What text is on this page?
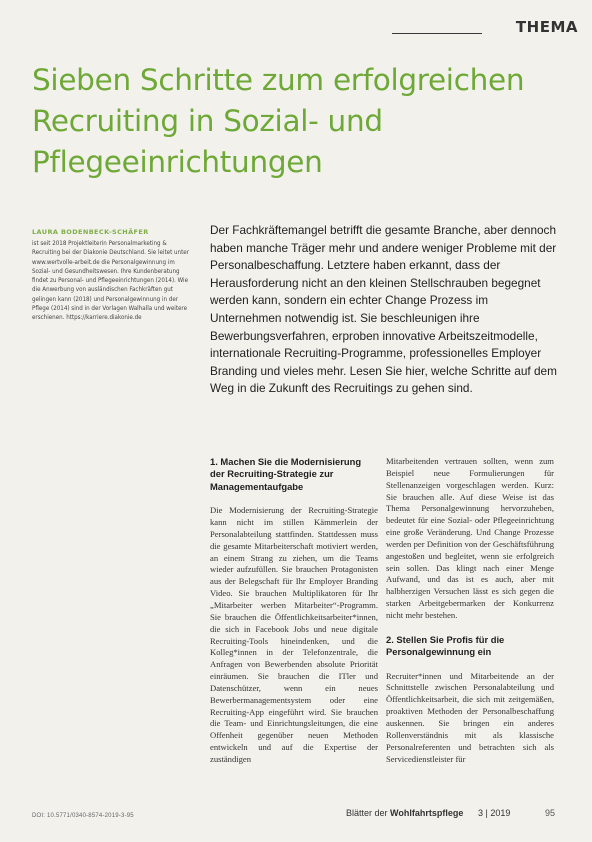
THEMA
Sieben Schritte zum erfolgreichen Recruiting in Sozial- und Pflegeeinrichtungen
LAURA BODENBECK-SCHÄFER

ist seit 2018 Projektleiterin Personalmarketing & Recruiting bei der Diakonie Deutschland. Sie leitet unter www.wertvolle-arbeit.de die Personalgewinnung im Sozial- und Gesundheitswesen. Ihre Kundenberatung findet zu Personal- und Pflegeeinrichtungen (2014). Wie die Anwerbung von ausländischen Fachkräften gut gelingen kann (2018) und Personalgewinnung in der Pflege (2014) sind in der Vorlagen Walhalla und weitere erschienen. https://karriere.diakonie.de

Der Fachkräftemangel betrifft die gesamte Branche, aber dennoch haben manche Träger mehr und andere weniger Probleme mit der Personalbeschaffung. Letztere haben erkannt, dass der Herausforderung nicht an den kleinen Stellschrauben begegnet werden kann, sondern ein echter Change Prozess im Unternehmen notwendig ist. Sie beschleunigen ihre Bewerbungsverfahren, erproben innovative Arbeitszeitmodelle, internationale Recruiting-Programme, professionelles Employer Branding und vieles mehr. Lesen Sie hier, welche Schritte auf dem Weg in die Zukunft des Recruitings zu gehen sind.

1. Machen Sie die Modernisierung der Recruiting-Strategie zur Managementaufgabe

Die Modernisierung der Recruiting-Strategie kann nicht im stillen Kämmerlein der Personalabteilung stattfinden. Stattdessen muss die gesamte Mitarbeiterschaft motiviert werden, an einem Strang zu ziehen, um die Teams wieder aufzufüllen. Sie brauchen Protagonisten aus der Belegschaft für Ihr Employer Branding Video. Sie brauchen Multiplikatoren für Ihr „Mitarbeiter werben Mitarbeiter“-Programm. Sie brauchen die Öffentlichkeitsarbeiter*innen, die sich in Facebook Jobs und neue digitale Recruiting-Tools hineindenken, und die Kolleg*innen in der Telefonzentrale, die Anfragen von Bewerbenden absolute Priorität einräumen. Sie brauchen die ITler und Datenschützer, wenn ein neues Bewerbermanagementsystem oder eine Recruiting-App eingeführt wird. Sie brauchen die Team- und Einrichtungsleitungen, die eine Offenheit gegenüber neuen Methoden entwickeln und auf die Expertise der zuständigen

Mitarbeitenden vertrauen sollten, wenn zum Beispiel neue Formulierungen für Stellenanzeigen vorgeschlagen werden. Kurz: Sie brauchen alle. Auf diese Weise ist das Thema Personalgewinnung hervorzuheben, bedeutet für eine Sozial- oder Pflegeeinrichtung eine große Veränderung. Und Change Prozesse werden per Definition von der Geschäftsführung angestoßen und begleitet, wenn sie erfolgreich sein sollen. Das klingt nach einer Menge Aufwand, und das ist es auch, aber mit halbherzigen Versuchen lässt es sich gegen die starken Arbeitgebermarken der Konkurrenz nicht mehr bestehen.

2. Stellen Sie Profis für die Personalgewinnung ein

Recruiter*innen und Mitarbeitende an der Schnittstelle zwischen Personalabteilung und Öffentlichkeitsarbeit, die sich mit zeitgemäßen, proaktiven Methoden der Personalbeschaffung auskennen. Sie bringen ein anderes Rollenverständnis mit als klassische Personalreferenten und betrachten sich als Servicedienstleister für

DOI: 10.5771/0340-8574-2019-3-95	Blätter der Wohlfahrtspflege 3 | 2019	95
